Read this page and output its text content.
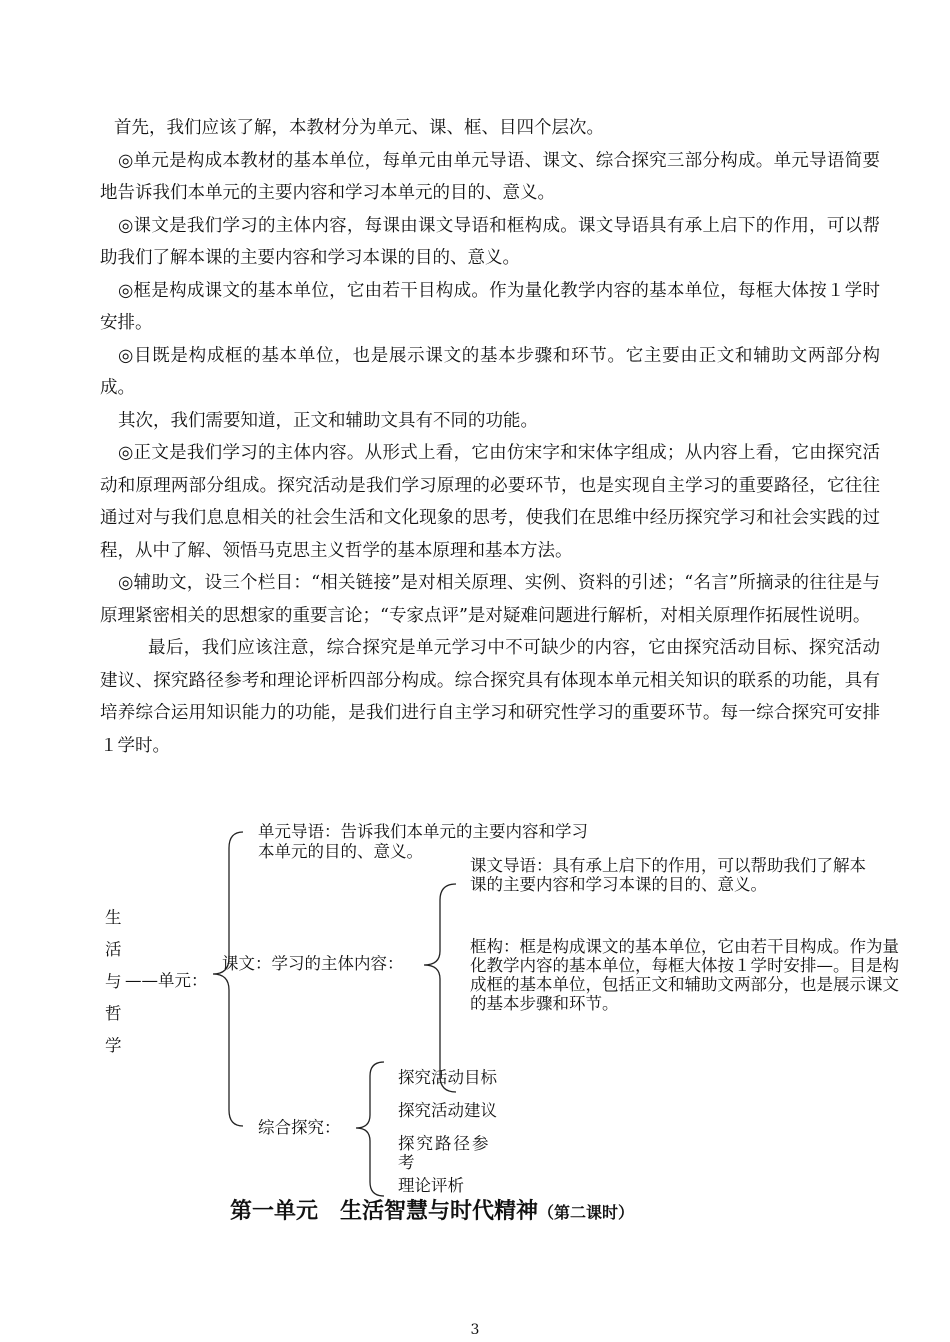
首先，我们应该了解，本教材分为单元、课、框、目四个层次。

◎单元是构成本教材的基本单位，每单元由单元导语、课文、综合探究三部分构成。单元导语简要地告诉我们本单元的主要内容和学习本单元的目的、意义。

◎课文是我们学习的主体内容，每课由课文导语和框构成。课文导语具有承上启下的作用，可以帮助我们了解本课的主要内容和学习本课的目的、意义。

◎框是构成课文的基本单位，它由若干目构成。作为量化教学内容的基本单位，每框大体按１学时安排。

◎目既是构成框的基本单位，也是展示课文的基本步骤和环节。它主要由正文和辅助文两部分构成。

其次，我们需要知道，正文和辅助文具有不同的功能。

◎正文是我们学习的主体内容。从形式上看，它由仿宋字和宋体字组成；从内容上看，它由探究活动和原理两部分组成。探究活动是我们学习原理的必要环节，也是实现自主学习的重要路径，它往往通过对与我们息息相关的社会生活和文化现象的思考，使我们在思维中经历探究学习和社会实践的过程，从中了解、领悟马克思主义哲学的基本原理和基本方法。

◎辅助文，设三个栏目：“相关链接”是对相关原理、实例、资料的引述；“名言”所摘录的往往是与原理紧密相关的思想家的重要言论；“专家点评”是对疑难问题进行解析，对相关原理作拓展性说明。

最后，我们应该注意，综合探究是单元学习中不可缺少的内容，它由探究活动目标、探究活动建议、探究路径参考和理论评析四部分构成。综合探究具有体现本单元相关知识的联系的功能，具有培养综合运用知识能力的功能，是我们进行自主学习和研究性学习的重要环节。每一综合探究可安排１学时。

生
活
与
哲
学
——单元：
单元导语：告诉我们本单元的主要内容和学习本单元的目的、意义。
课文：学习的主体内容：
课文导语：具有承上启下的作用，可以帮助我们了解本课的主要内容和学习本课的目的、意义。
框构：框是构成课文的基本单位，它由若干目构成。作为量化教学内容的基本单位，每框大体按１学时安排—。目是构成框的基本单位，包括正文和辅助文两部分，也是展示课文的基本步骤和环节。
综合探究：
探究活动目标
探究活动建议
探究路径参考
理论评析
第一单元　生活智慧与时代精神（第二课时）
3
